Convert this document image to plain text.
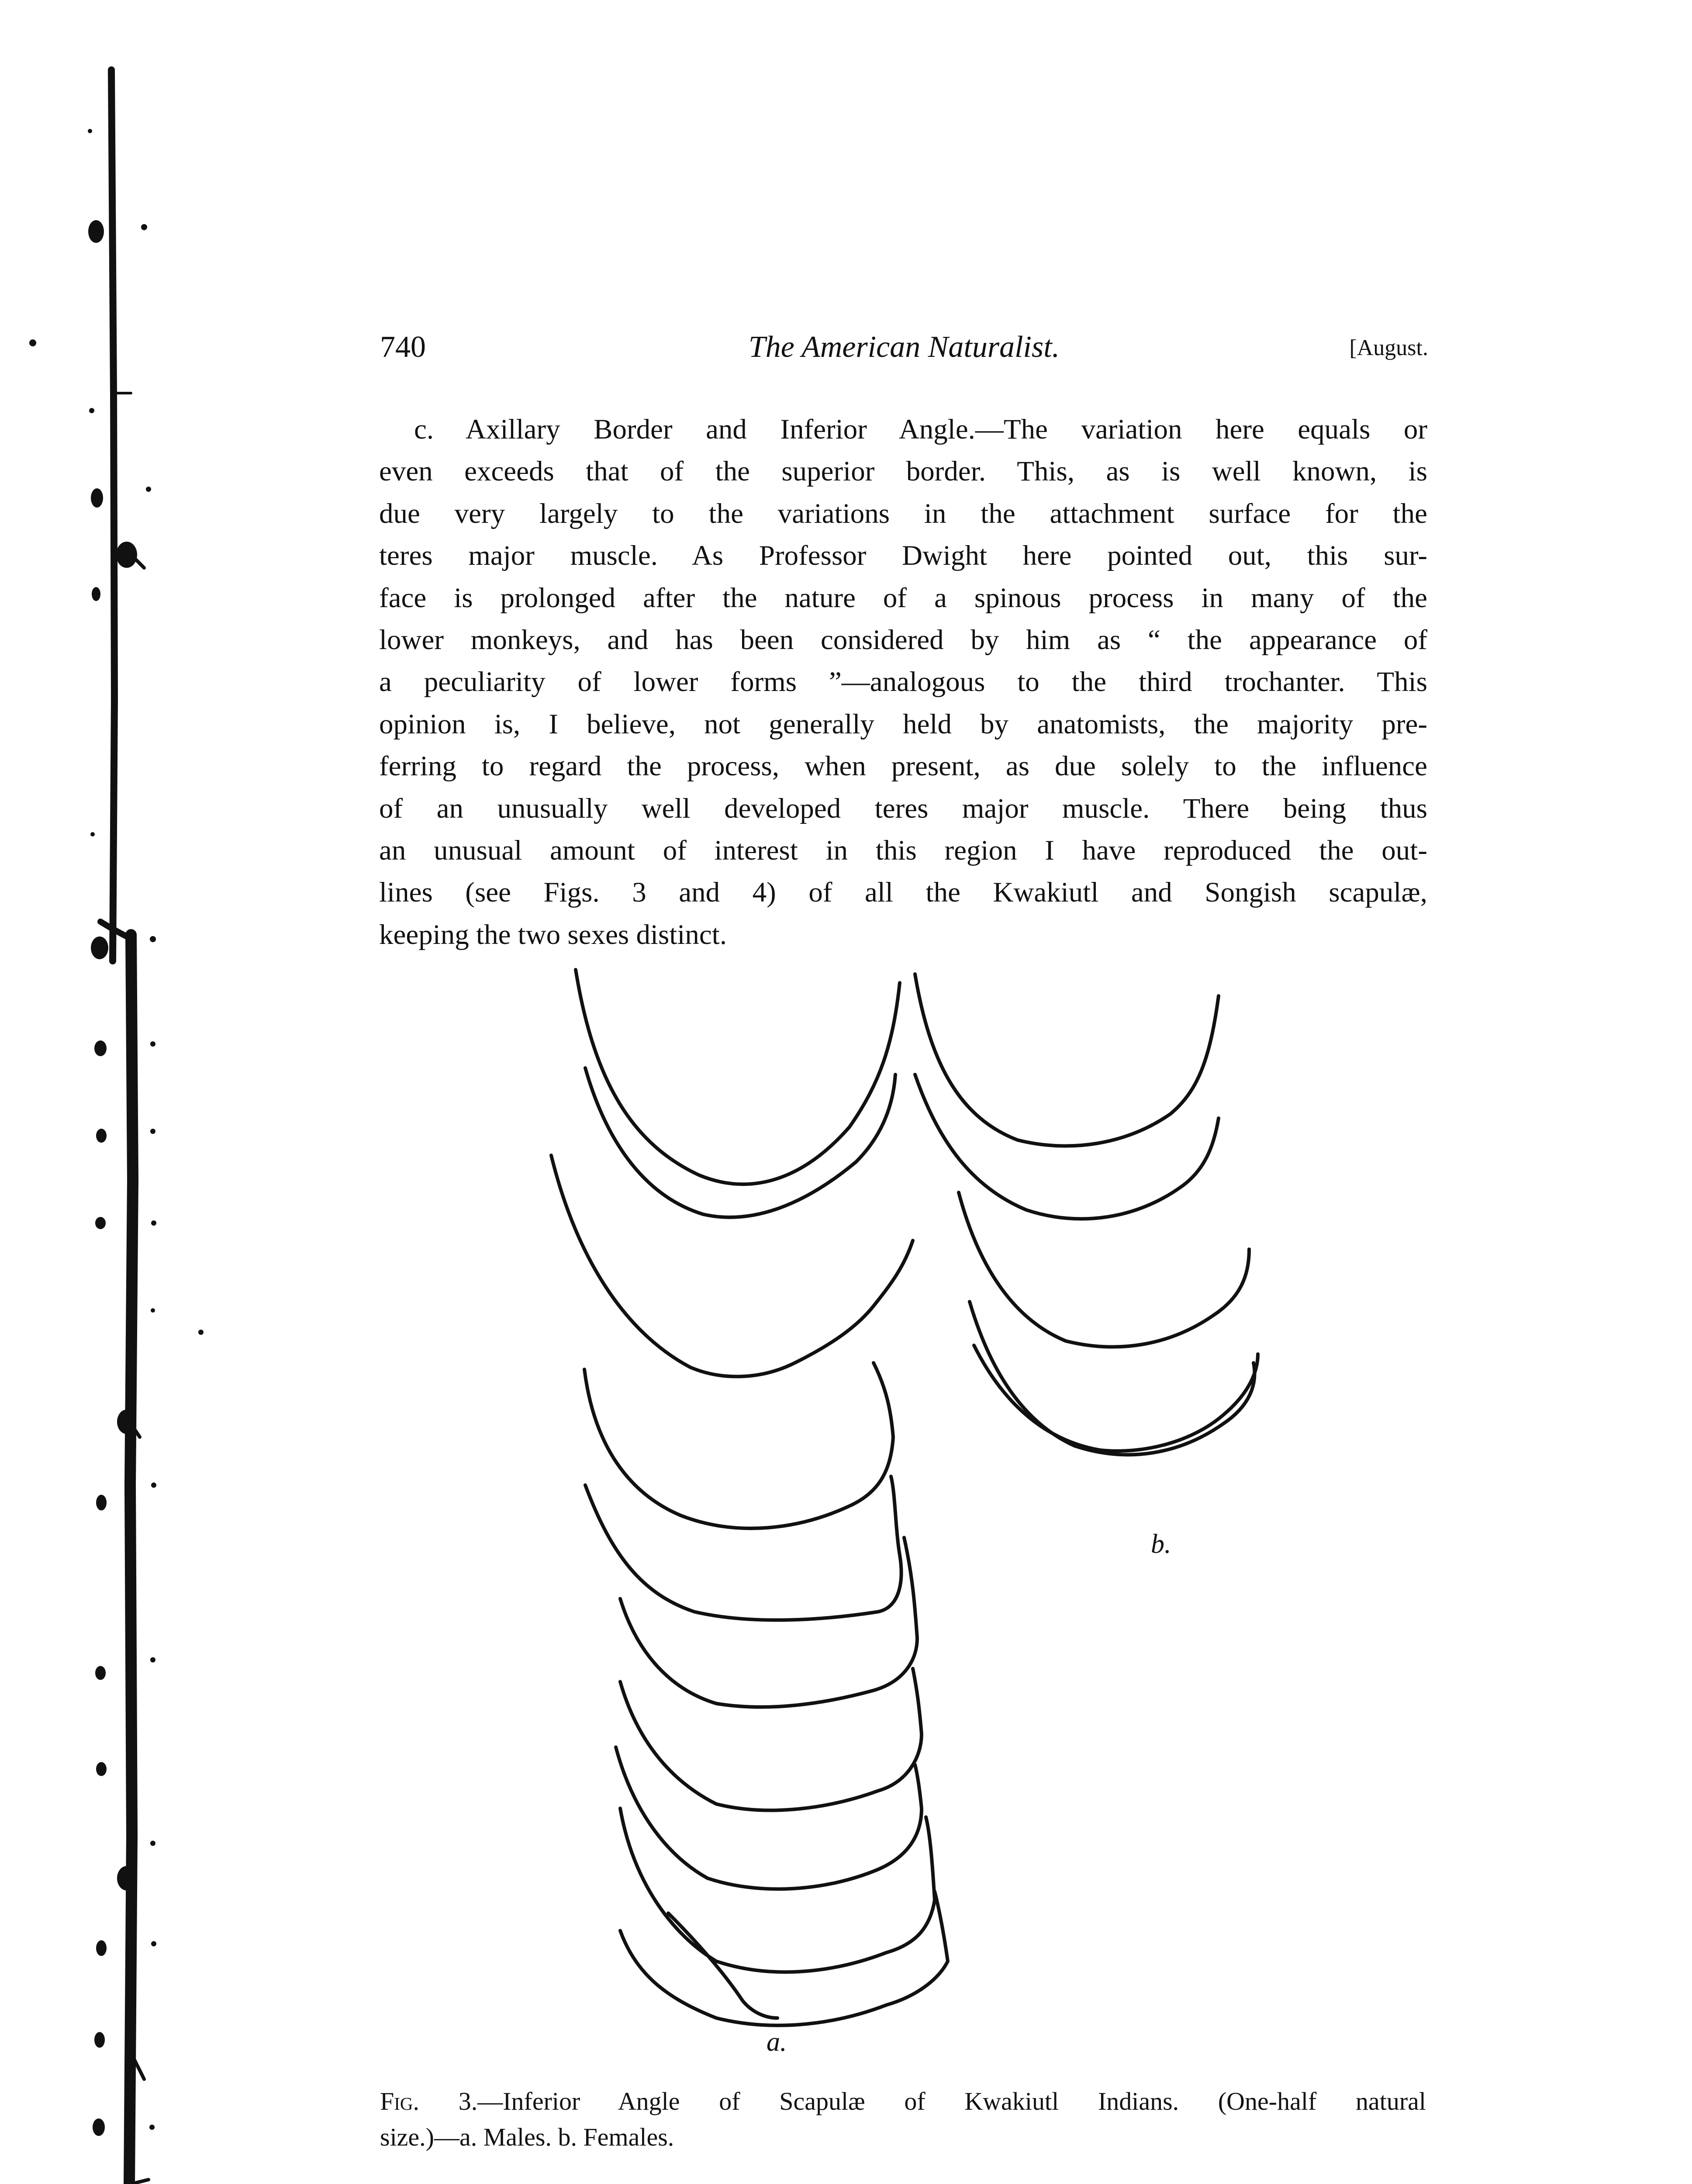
740	The American Naturalist.	[August.
c. Axillary Border and Inferior Angle.—The variation here equals or
even exceeds that of the superior border. This, as is well known, is
due very largely to the variations in the attachment surface for the
teres major muscle. As Professor Dwight here pointed out, this sur-
face is prolonged after the nature of a spinous process in many of the
lower monkeys, and has been considered by him as “ the appearance of
a peculiarity of lower forms ”—analogous to the third trochanter. This
opinion is, I believe, not generally held by anatomists, the majority pre-
ferring to regard the process, when present, as due solely to the influence
of an unusually well developed teres major muscle. There being thus
an unusual amount of interest in this region I have reproduced the out-
lines (see Figs. 3 and 4) of all the Kwakiutl and Songish scapulæ,
keeping the two sexes distinct.
a.
b.
Fig. 3.—Inferior Angle of Scapulæ of Kwakiutl Indians. (One-half natural
size.)—a. Males. b. Females.
